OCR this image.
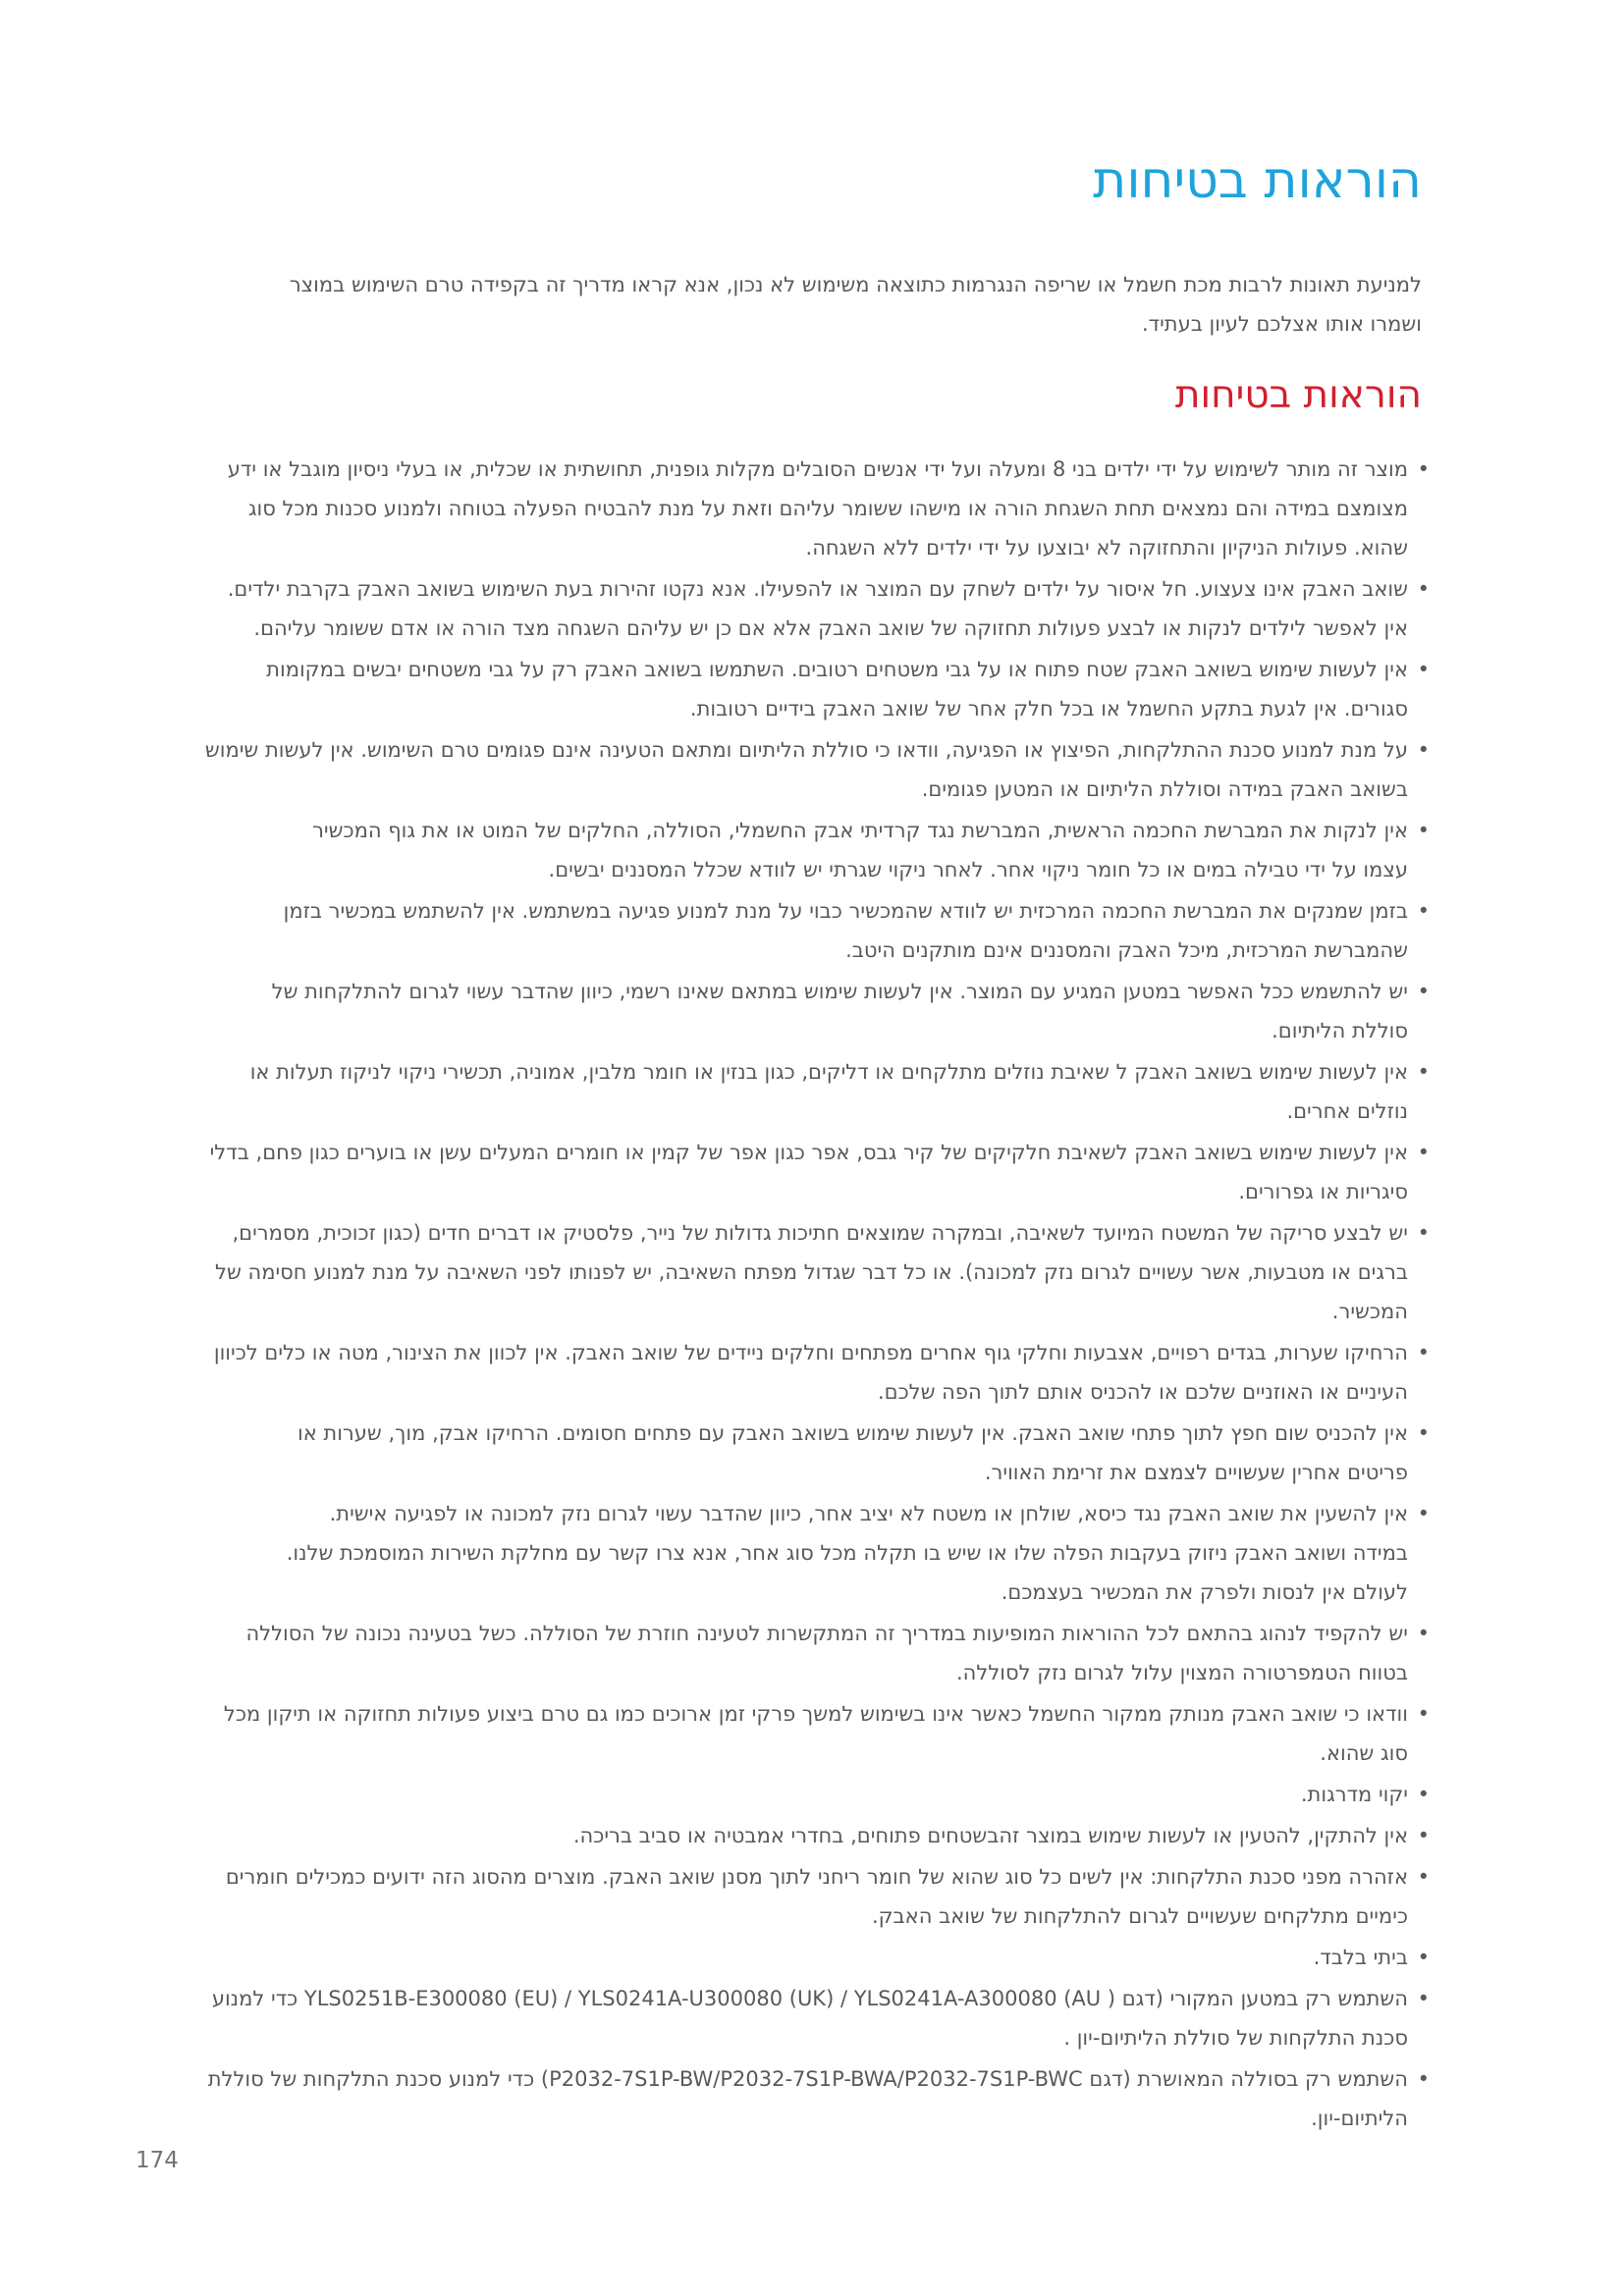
הוראות בטיחות

למניעת תאונות לרבות מכת חשמל או שריפה הנגרמות כתוצאה משימוש לא נכון, אנא קראו מדריך זה בקפידה טרם השימוש במוצר ושמרו אותו אצלכם לעיון בעתיד.

הוראות בטיחות
•
מוצר זה מותר לשימוש על ידי ילדים בני 8 ומעלה ועל ידי אנשים הסובלים מקלות גופנית, תחושתית או שכלית, או בעלי ניסיון מוגבל או ידע מצומצם במידה והם נמצאים תחת השגחת הורה או מישהו ששומר עליהם וזאת על מנת להבטיח הפעלה בטוחה ולמנוע סכנות מכל סוג שהוא. פעולות הניקיון והתחזוקה לא יבוצעו על ידי ילדים ללא השגחה.
•
שואב האבק אינו צעצוע. חל איסור על ילדים לשחק עם המוצר או להפעילו. אנא נקטו זהירות בעת השימוש בשואב האבק בקרבת ילדים. אין לאפשר לילדים לנקות או לבצע פעולות תחזוקה של שואב האבק אלא אם כן יש עליהם השגחה מצד הורה או אדם ששומר עליהם.
•
אין לעשות שימוש בשואב האבק שטח פתוח או על גבי משטחים רטובים. השתמשו בשואב האבק רק על גבי משטחים יבשים במקומות סגורים. אין לגעת בתקע החשמל או בכל חלק אחר של שואב האבק בידיים רטובות.
•
על מנת למנוע סכנת ההתלקחות, הפיצוץ או הפגיעה, וודאו כי סוללת הליתיום ומתאם הטעינה אינם פגומים טרם השימוש. אין לעשות שימוש בשואב האבק במידה וסוללת הליתיום או המטען פגומים.
•
אין לנקות את המברשת החכמה הראשית, המברשת נגד קרדיתי אבק החשמלי, הסוללה, החלקים של המוט או את גוף המכשיר עצמו על ידי טבילה במים או כל חומר ניקוי אחר. לאחר ניקוי שגרתי יש לוודא שכלל המסננים יבשים.
•
בזמן שמנקים את המברשת החכמה המרכזית יש לוודא שהמכשיר כבוי על מנת למנוע פגיעה במשתמש. אין להשתמש במכשיר בזמן שהמברשת המרכזית, מיכל האבק והמסננים אינם מותקנים היטב.
•
יש להתשמש ככל האפשר במטען המגיע עם המוצר. אין לעשות שימוש במתאם שאינו רשמי, כיוון שהדבר עשוי לגרום להתלקחות של סוללת הליתיום.
•
אין לעשות שימוש בשואב האבק ל שאיבת נוזלים מתלקחים או דליקים, כגון בנזין או חומר מלבין, אמוניה, תכשירי ניקוי לניקוז תעלות או נוזלים אחרים.
•
אין לעשות שימוש בשואב האבק לשאיבת חלקיקים של קיר גבס, אפר כגון אפר של קמין או חומרים המעלים עשן או בוערים כגון פחם, בדלי סיגריות או גפרורים.
•
יש לבצע סריקה של המשטח המיועד לשאיבה, ובמקרה שמוצאים חתיכות גדולות של נייר, פלסטיק או דברים חדים (כגון זכוכית, מסמרים, ברגים או מטבעות, אשר עשויים לגרום נזק למכונה). או כל דבר שגדול מפתח השאיבה, יש לפנותו לפני השאיבה על מנת למנוע חסימה של המכשיר.
•
הרחיקו שערות, בגדים רפויים, אצבעות וחלקי גוף אחרים מפתחים וחלקים ניידים של שואב האבק. אין לכוון את הצינור, מטה או כלים לכיוון העיניים או האוזניים שלכם או להכניס אותם לתוך הפה שלכם.
•
אין להכניס שום חפץ לתוך פתחי שואב האבק. אין לעשות שימוש בשואב האבק עם פתחים חסומים. הרחיקו אבק, מוך, שערות או פריטים אחרין שעשויים לצמצם את זרימת האוויר.
•
אין להשעין את שואב האבק נגד כיסא, שולחן או משטח לא יציב אחר, כיוון שהדבר עשוי לגרום נזק למכונה או לפגיעה אישית. במידה ושואב האבק ניזוק בעקבות הפלה שלו או שיש בו תקלה מכל סוג אחר, אנא צרו קשר עם מחלקת השירות המוסמכת שלנו. לעולם אין לנסות ולפרק את המכשיר בעצמכם.
•
יש להקפיד לנהוג בהתאם לכל ההוראות המופיעות במדריך זה המתקשרות לטעינה חוזרת של הסוללה. כשל בטעינה נכונה של הסוללה בטווח הטמפרטורה המצוין עלול לגרום נזק לסוללה.
•
וודאו כי שואב האבק מנותק ממקור החשמל כאשר אינו בשימוש למשך פרקי זמן ארוכים כמו גם טרם ביצוע פעולות תחזוקה או תיקון מכל סוג שהוא.
•
יקוי מדרגות.
•
אין להתקין, להטעין או לעשות שימוש במוצר זהבשטחים פתוחים, בחדרי אמבטיה או סביב בריכה.
•
אזהרה מפני סכנת התלקחות: אין לשים כל סוג שהוא של חומר ריחני לתוך מסנן שואב האבק. מוצרים מהסוג הזה ידועים כמכילים חומרים כימיים מתלקחים שעשויים לגרום להתלקחות של שואב האבק.
•
ביתי בלבד.
•
השתמש רק במטען המקורי (דגם YLS0251B-E300080 (EU) / YLS0241A-U300080 (UK) / YLS0241A-A300080 (AU ) כדי למנוע סכנת התלקחות של סוללת הליתיום-יון .
•
השתמש רק בסוללה המאושרת (דגם P2032-7S1P-BW/P2032-7S1P-BWA/P2032-7S1P-BWC) כדי למנוע סכנת התלקחות של סוללת הליתיום-יון.

174
